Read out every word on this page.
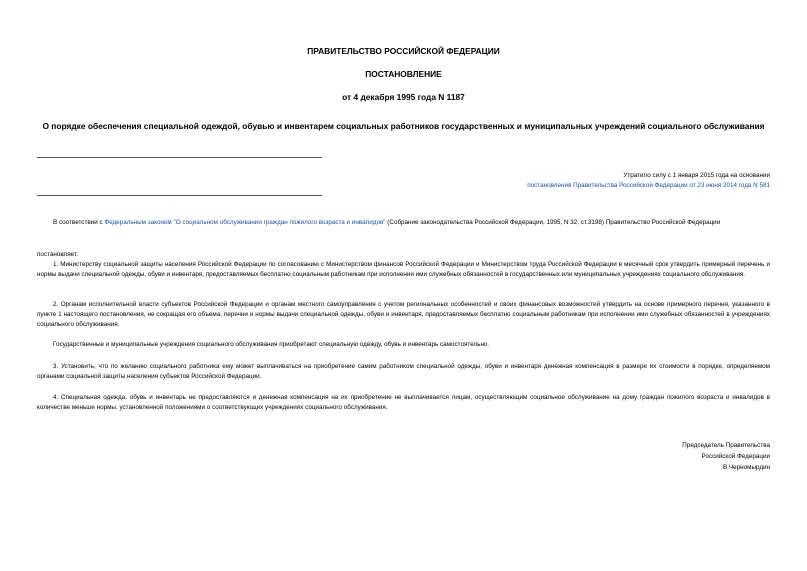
ПРАВИТЕЛЬСТВО РОССИЙСКОЙ ФЕДЕРАЦИИ
ПОСТАНОВЛЕНИЕ
от 4 декабря 1995 года N 1187
О порядке обеспечения специальной одеждой, обувью и инвентарем социальных работников государственных и муниципальных учреждений социального обслуживания
Утратило силу с 1 января 2015 года на основании
постановления Правительства Российской Федерации от 23 июня 2014 года N 581
В соответствии с Федеральным законом "О социальном обслуживании граждан пожилого возраста и инвалидов" (Собрание законодательства Российской Федерации, 1995, N 32, ст.3198) Правительство Российской Федерации
постановляет:
1. Министерству социальной защиты населения Российской Федерации по согласованию с Министерством финансов Российской Федерации и Министерством труда Российской Федерации в месячный срок утвердить примерный перечень и нормы выдачи специальной одежды, обуви и инвентаря, предоставляемых бесплатно социальным работникам при исполнении ими служебных обязанностей в государственных или муниципальных учреждениях социального обслуживания.
2. Органам исполнительной власти субъектов Российской Федерации и органам местного самоуправления с учетом региональных особенностей и своих финансовых возможностей утвердить на основе примерного перечня, указанного в пункте 1 настоящего постановления, не сокращая его объема, перечни и нормы выдачи специальной одежды, обуви и инвентаря, предоставляемых бесплатно социальным работникам при исполнении ими служебных обязанностей в учреждениях социального обслуживания.
Государственные и муниципальные учреждения социального обслуживания приобретают специальную одежду, обувь и инвентарь самостоятельно.
3. Установить, что по желанию социального работника ему может выплачиваться на приобретение самим работником специальной одежды, обуви и инвентаря денежная компенсация в размере их стоимости в порядке, определяемом органами социальной защиты населения субъектов Российской Федерации.
4. Специальная одежда, обувь и инвентарь не предоставляются и денежная компенсация на их приобретение не выплачивается лицам, осуществляющим социальное обслуживание на дому граждан пожилого возраста и инвалидов в количестве меньше нормы, установленной положениями о соответствующих учреждениях социального обслуживания.
Председатель Правительства
Российской Федерации
В.Черномырдин
